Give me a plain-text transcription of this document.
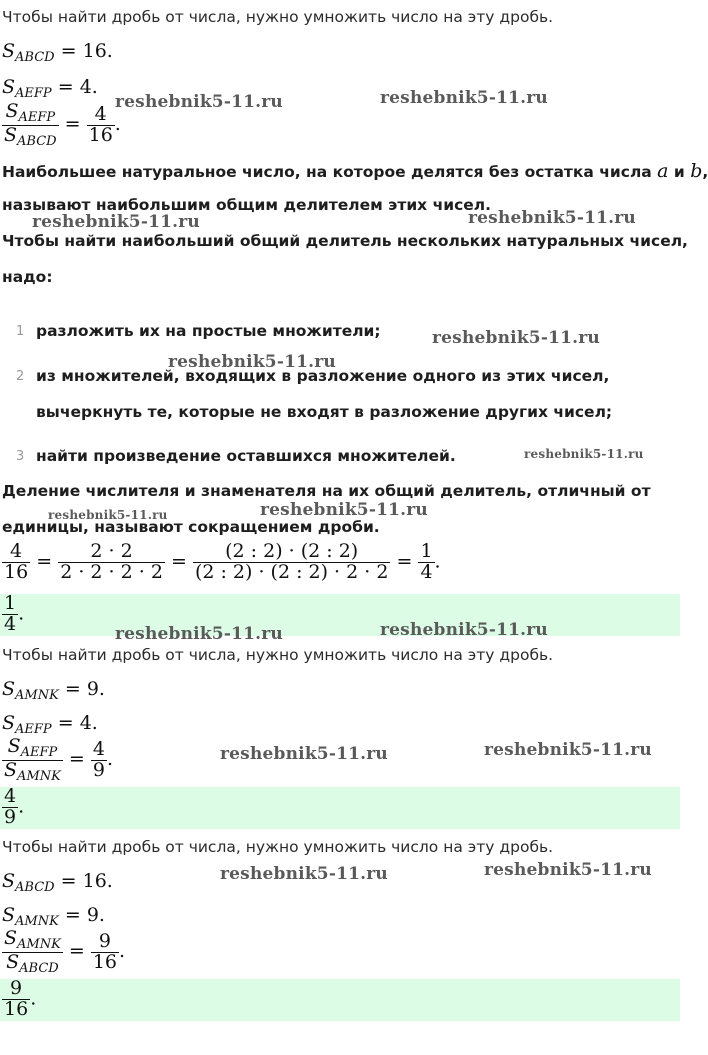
Чтобы найти дробь от числа, нужно умножить число на эту дробь.
$S_{ABCD} = 16$.
$S_{AEFP} = 4$.
$\frac{S_{AEFP}}{S_{ABCD}} = \frac{4}{16}$ .
reshebnik5-11.ru	reshebnik5-11.ru
Наибольшее натуральное число, на которое делятся без остатка числа a и b,
называют наибольшим общим делителем этих чисел.
reshebnik5-11.ru	reshebnik5-11.ru
Чтобы найти наибольший общий делитель нескольких натуральных чисел,
надо:
1 разложить их на простые множители;	reshebnik5-11.ru
reshebnik5-11.ru
2 из множителей, входящих в разложение одного из этих чисел,
вычеркнуть те, которые не входят в разложение других чисел;
3 найти произведение оставшихся множителей.	reshebnik5-11.ru
Деление числителя и знаменателя на их общий делитель, отличный от
reshebnik5-11.ru	reshebnik5-11.ru
единицы, называют сокращением дроби.
$\frac{4}{16} = \frac{2 \cdot 2}{2 \cdot 2 \cdot 2 \cdot 2} = \frac{(2 : 2) \cdot (2 : 2)}{(2 : 2) \cdot (2 : 2) \cdot 2 \cdot 2} = \frac{1}{4}$ .
$\frac{1}{4}$ .
reshebnik5-11.ru	reshebnik5-11.ru
Чтобы найти дробь от числа, нужно умножить число на эту дробь.
$S_{AMNK} = 9$.
$S_{AEFP} = 4$.
$\frac{S_{AEFP}}{S_{AMNK}} = \frac{4}{9}$ .	reshebnik5-11.ru	reshebnik5-11.ru
$\frac{4}{9}$ .
Чтобы найти дробь от числа, нужно умножить число на эту дробь.
$S_{ABCD} = 16$.	reshebnik5-11.ru	reshebnik5-11.ru
$S_{AMNK} = 9$.
$\frac{S_{AMNK}}{S_{ABCD}} = \frac{9}{16}$ .
$\frac{9}{16}$ .
